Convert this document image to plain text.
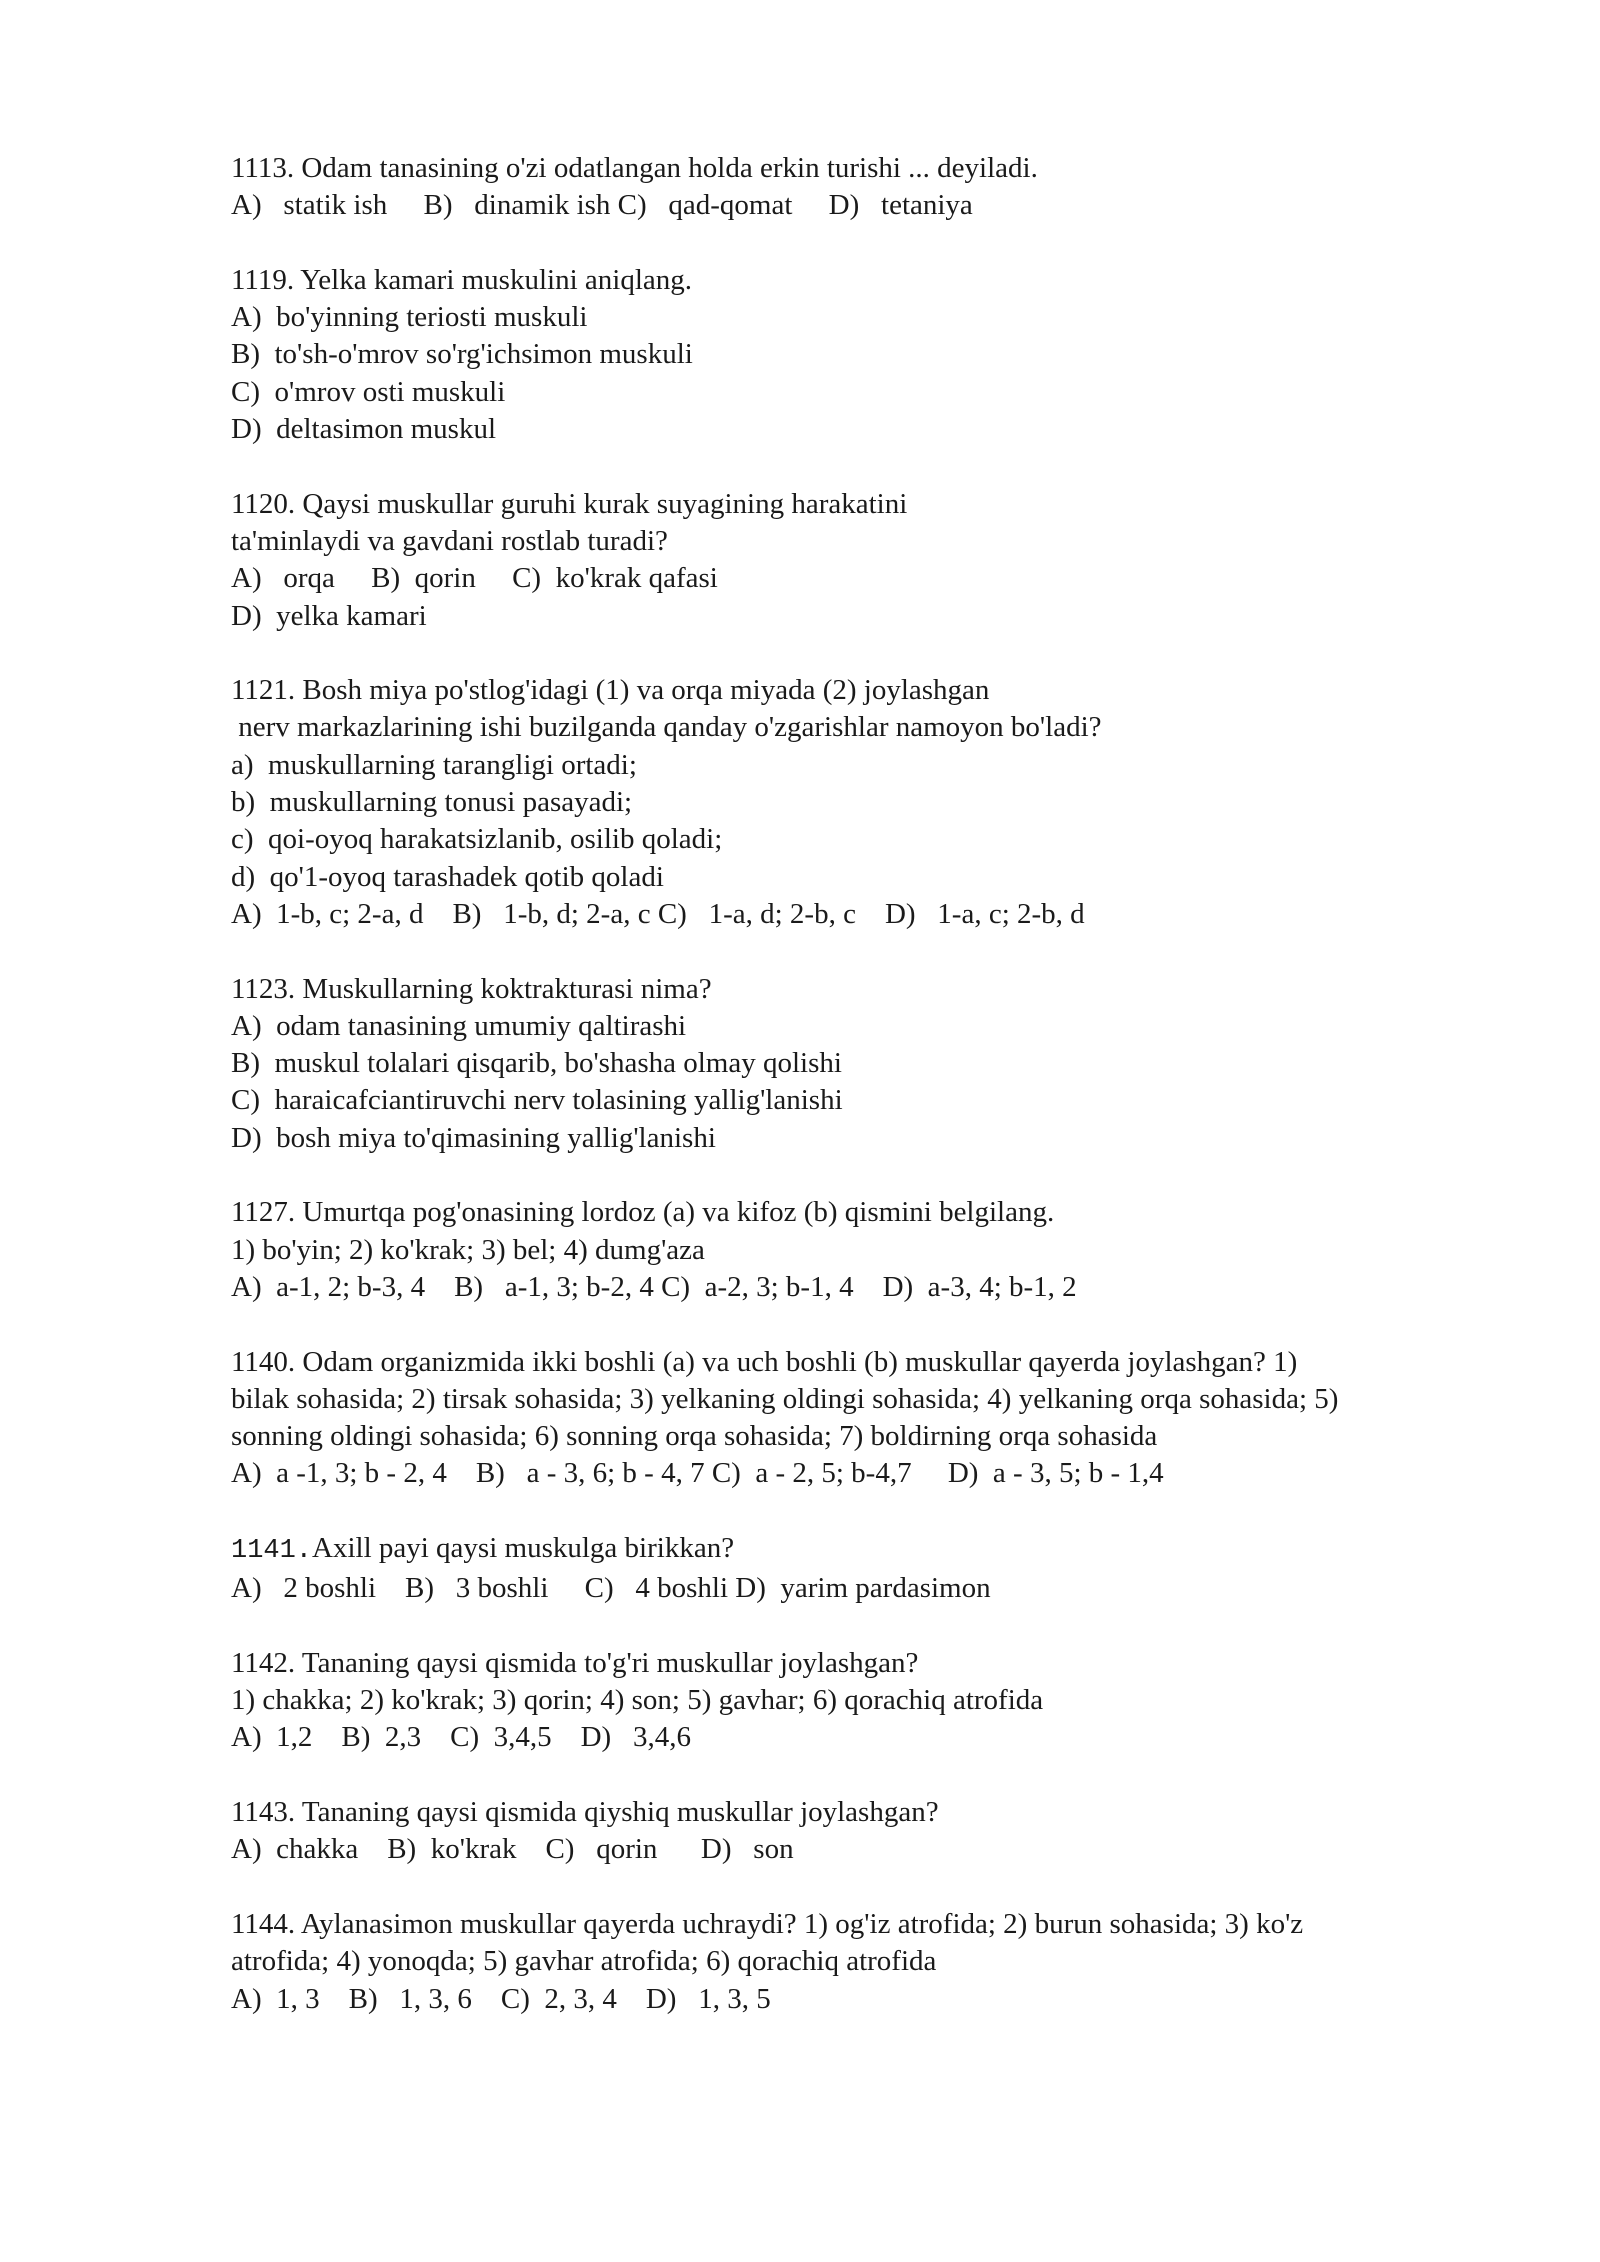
1113. Odam tanasining o'zi odatlangan holda erkin turishi ... deyiladi.
A)   statik ish     B)   dinamik ish C)   qad-qomat     D)   tetaniya
1119. Yelka kamari muskulini aniqlang.
A)  bo'yinning teriosti muskuli
B)  to'sh-o'mrov so'rg'ichsimon muskuli
C)  o'mrov osti muskuli
D)  deltasimon muskul
1120. Qaysi muskullar guruhi kurak suyagining harakatini
ta'minlaydi va gavdani rostlab turadi?
A)   orqa     B)  qorin     C)  ko'krak qafasi
D)  yelka kamari
1121. Bosh miya po'stlog'idagi (1) va orqa miyada (2) joylashgan
nerv markazlarining ishi buzilganda qanday o'zgarishlar namoyon bo'ladi?
a)  muskullarning tarangligi ortadi;
b)  muskullarning tonusi pasayadi;
c)  qoi-oyoq harakatsizlanib, osilib qoladi;
d)  qo'1-oyoq tarashadek qotib qoladi
A)  1-b, c; 2-a, d    B)   1-b, d; 2-a, c C)   1-a, d; 2-b, c    D)   1-a, c; 2-b, d
1123. Muskullarning koktrakturasi nima?
A)  odam tanasining umumiy qaltirashi
B)  muskul tolalari qisqarib, bo'shasha olmay qolishi
C)  haraicafciantiruvchi nerv tolasining yallig'lanishi
D)  bosh miya to'qimasining yallig'lanishi
1127. Umurtqa pog'onasining lordoz (a) va kifoz (b) qismini belgilang.
1) bo'yin; 2) ko'krak; 3) bel; 4) dumg'aza
A)  a-1, 2; b-3, 4    B)   a-1, 3; b-2, 4 C)  a-2, 3; b-1, 4    D)  a-3, 4; b-1, 2
1140. Odam organizmida ikki boshli (a) va uch boshli (b) muskullar qayerda joylashgan? 1)
bilak sohasida; 2) tirsak sohasida; 3) yelkaning oldingi sohasida; 4) yelkaning orqa sohasida; 5)
sonning oldingi sohasida; 6) sonning orqa sohasida; 7) boldirning orqa sohasida
A)  a -1, 3; b - 2, 4    B)   a - 3, 6; b - 4, 7 C)  a - 2, 5; b-4,7     D)  a - 3, 5; b - 1,4
1141.Axill payi qaysi muskulga birikkan?
A)   2 boshli    B)   3 boshli     C)   4 boshli D)  yarim pardasimon
1142. Tananing qaysi qismida to'g'ri muskullar joylashgan?
1) chakka; 2) ko'krak; 3) qorin; 4) son; 5) gavhar; 6) qorachiq atrofida
A)  1,2    B)  2,3    C)  3,4,5    D)   3,4,6
1143. Tananing qaysi qismida qiyshiq muskullar joylashgan?
A)  chakka    B)  ko'krak    C)   qorin      D)   son
1144. Aylanasimon muskullar qayerda uchraydi? 1) og'iz atrofida; 2) burun sohasida; 3) ko'z
atrofida; 4) yonoqda; 5) gavhar atrofida; 6) qorachiq atrofida
A)  1, 3    B)   1, 3, 6    C)  2, 3, 4    D)   1, 3, 5
